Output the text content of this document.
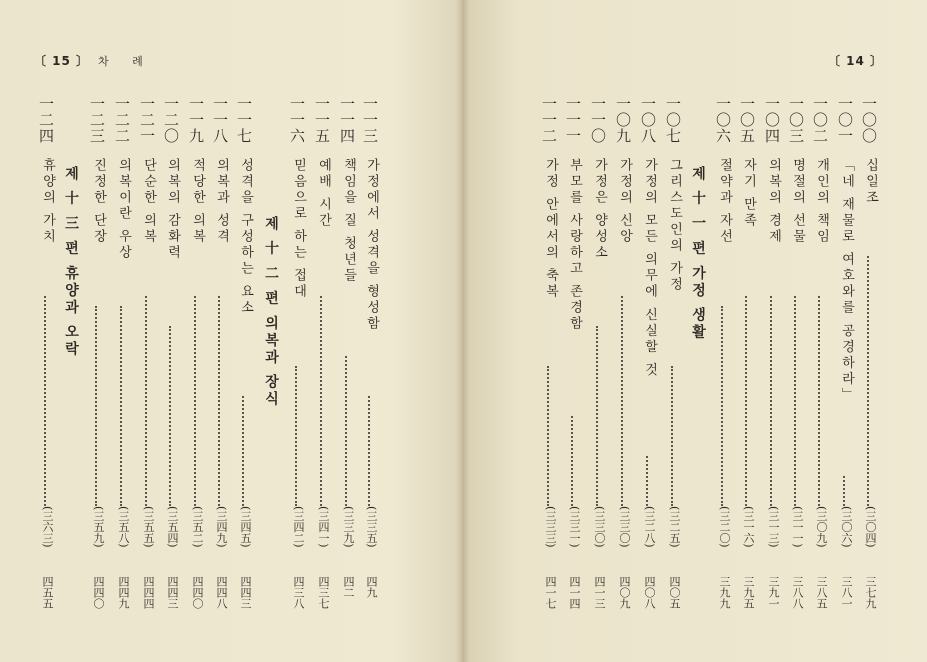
〔 15 〕 차 례	〔 14 〕
一一三
가정에서 성격을 형성함
(三三五)
四九
一一四
책임을 질 청년들
(三三九)
四二
一一五
예배 시간
(三四一)
四三七
一一六
믿음으로 하는 접대
(三四二)
四三八
제 十 二 편 의복과 장식
一一七
성격을 구성하는 요소
(三四五)
四四三
一一八
의복과 성격
(三四九)
四四八
一一九
적당한 의복
(三五二)
四四〇
一二〇
의복의 감화력
(三五四)
四四三
一二一
단순한 의복
(三五五)
四四四
一二二
의복이란 우상
(三五八)
四四九
一二三
진정한 단장
(三五九)
四四〇
제 十 三 편 휴양과 오락
一二四
휴양의 가치
(三六三)
四五五
一〇〇
십일조
(三〇四)
三七九
一〇一
「네 재물로 여호와를 공경하라」
(三〇六)
三八一
一〇二
개인의 책임
(三〇九)
三八五
一〇三
명절의 선물
(三一一)
三八八
一〇四
의복의 경제
(三一三)
三九一
一〇五
자기 만족
(三一六)
三九五
一〇六
절약과 자선
(三二〇)
三九九
제 十 一 편 가정 생활
一〇七
그리스도인의 가정
(三二五)
四〇五
一〇八
가정의 모든 의무에 신실할 것
(三二八)
四〇八
一〇九
가정의 신앙
(三三〇)
四〇九
一一〇
가정은 양성소
(三三〇)
四一三
一一一
부모를 사랑하고 존경함
(三三一)
四一四
一一二
가정 안에서의 축복
(三三三)
四一七
